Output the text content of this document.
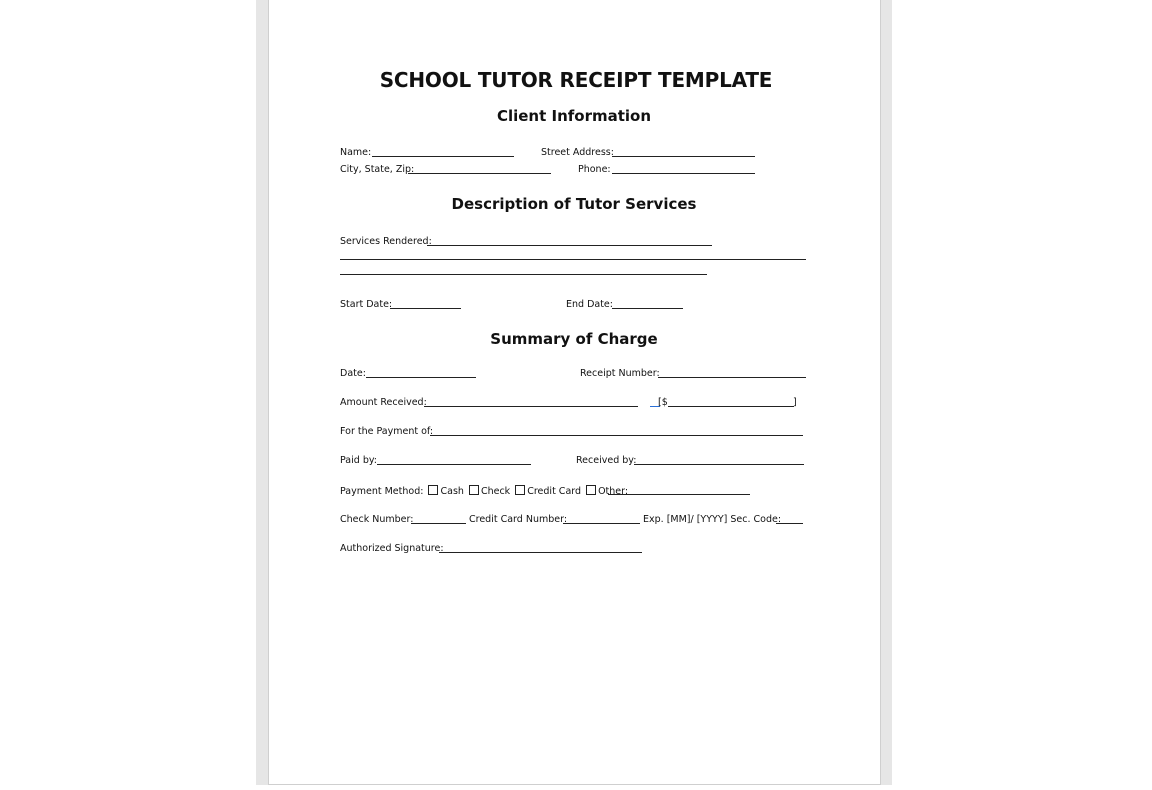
SCHOOL TUTOR RECEIPT TEMPLATE
Client Information
Description of Tutor Services
Summary of Charge
Name:	Street Address:
City, State, Zip:	Phone:
Services Rendered:
Start Date:	End Date:
Date:	Receipt Number:
Amount Received:	[$	]
For the Payment of:
Paid by:	Received by:
Payment Method: Cash Check Credit Card Other:
Check Number:	Credit Card Number:	Exp. [MM]/ [YYYY] Sec. Code:
Authorized Signature:
